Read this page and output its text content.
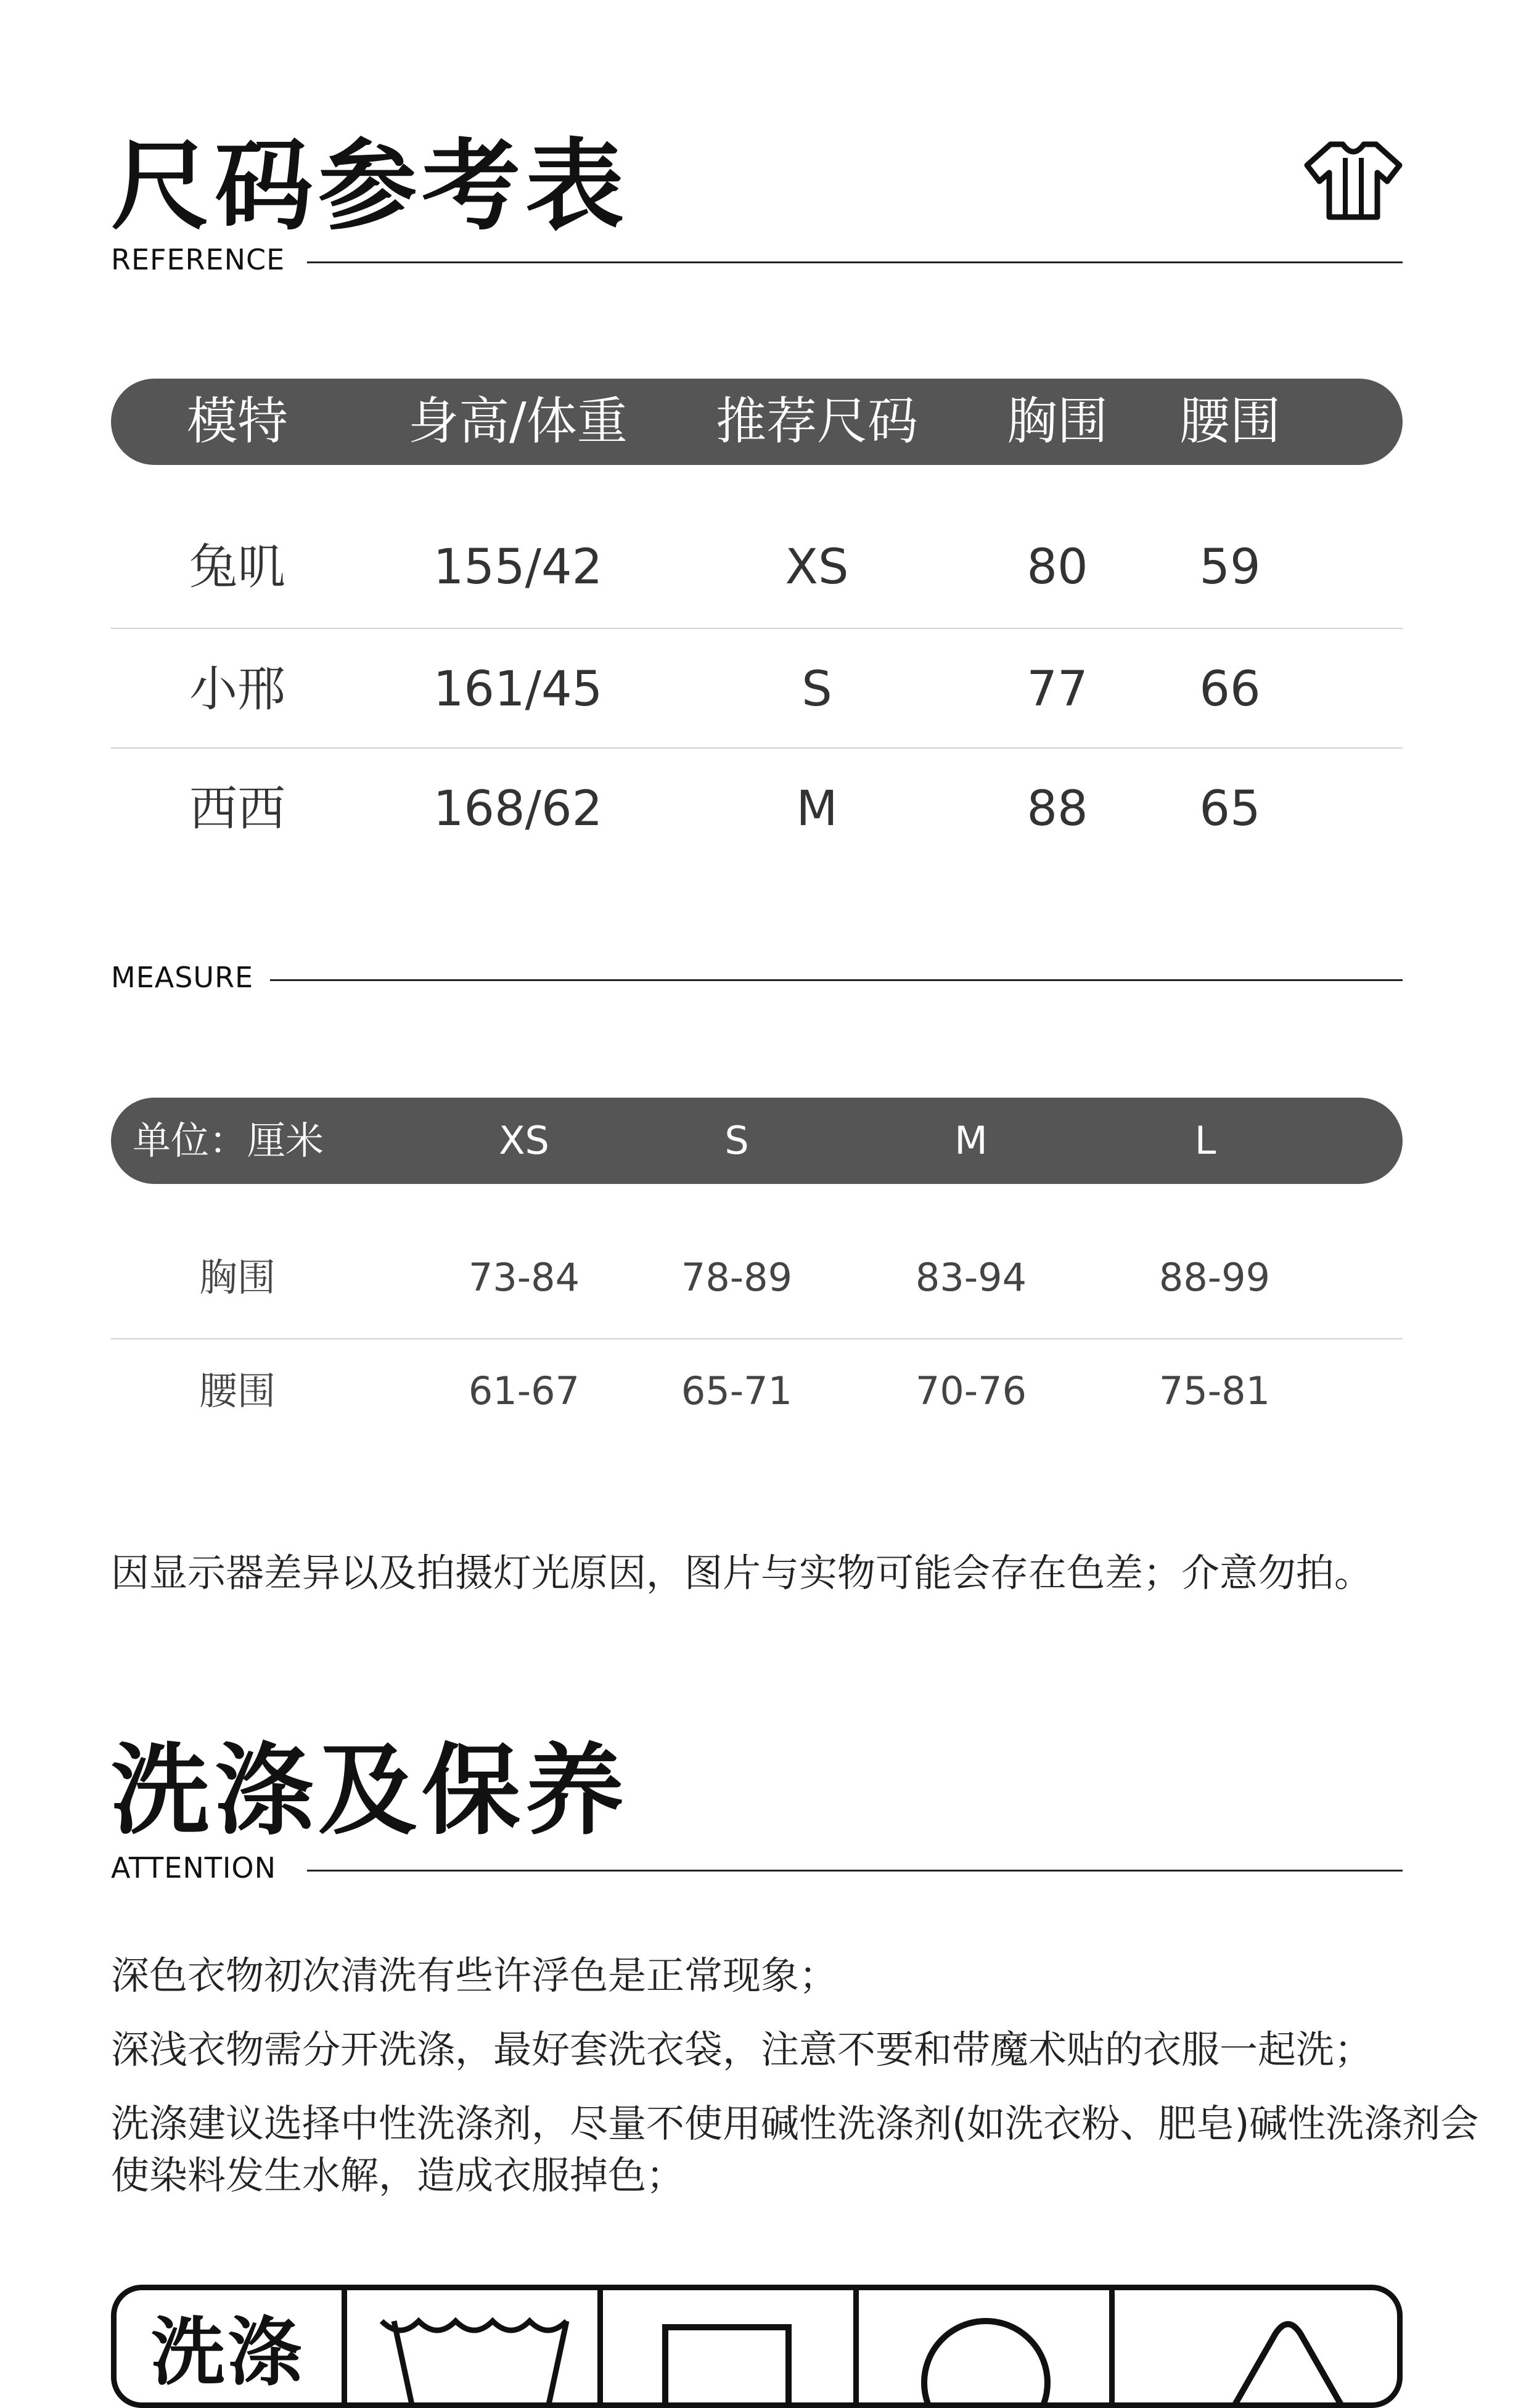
尺码参考表
REFERENCE
模特	身高/体重	推荐尺码	胸围	腰围
兔叽	155/42	XS	80	59
小邢	161/45	S	77	66
西西	168/62	M	88	65
MEASURE
单位：厘米	XS	S	M	L
胸围	73-84	78-89	83-94	88-99
腰围	61-67	65-71	70-76	75-81
因显示器差异以及拍摄灯光原因，图片与实物可能会存在色差；介意勿拍。
洗涤及保养
ATTENTION
深色衣物初次清洗有些许浮色是正常现象；
深浅衣物需分开洗涤，最好套洗衣袋，注意不要和带魔术贴的衣服一起洗；
洗涤建议选择中性洗涤剂，尽量不使用碱性洗涤剂(如洗衣粉、肥皂)碱性洗涤剂会使染料发生水解，造成衣服掉色；
洗涤
